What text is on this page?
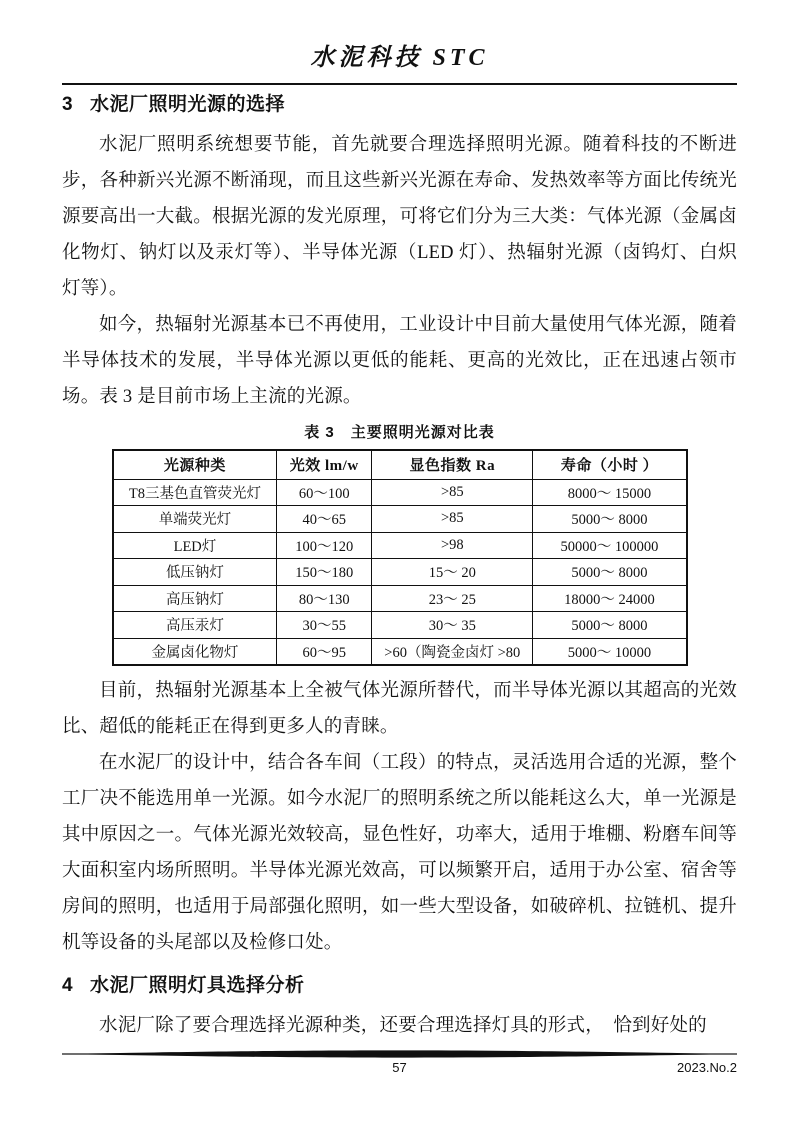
水泥科技 STC
3 水泥厂照明光源的选择

水泥厂照明系统想要节能，首先就要合理选择照明光源。随着科技的不断进步，各种新兴光源不断涌现，而且这些新兴光源在寿命、发热效率等方面比传统光源要高出一大截。根据光源的发光原理，可将它们分为三大类：气体光源（金属卤化物灯、钠灯以及汞灯等）、半导体光源（LED 灯）、热辐射光源（卤钨灯、白炽灯等）。

如今，热辐射光源基本已不再使用，工业设计中目前大量使用气体光源，随着半导体技术的发展，半导体光源以更低的能耗、更高的光效比，正在迅速占领市场。表 3 是目前市场上主流的光源。

表 3　主要照明光源对比表
光源种类	光效 lm/w	显色指数 Ra	寿命（小时 ）
T8三基色直管荧光灯	60～100	>85	8000～ 15000
单端荧光灯	40～65	>85	5000～ 8000
LED灯	100～120	>98	50000～ 100000
低压钠灯	150～180	15～ 20	5000～ 8000
高压钠灯	80～130	23～ 25	18000～ 24000
高压汞灯	30～55	30～ 35	5000～ 8000
金属卤化物灯	60～95	>60（陶瓷金卤灯 >80	5000～ 10000

目前，热辐射光源基本上全被气体光源所替代，而半导体光源以其超高的光效比、超低的能耗正在得到更多人的青睐。

在水泥厂的设计中，结合各车间（工段）的特点，灵活选用合适的光源，整个工厂决不能选用单一光源。如今水泥厂的照明系统之所以能耗这么大，单一光源是其中原因之一。气体光源光效较高，显色性好，功率大，适用于堆棚、粉磨车间等大面积室内场所照明。半导体光源光效高，可以频繁开启，适用于办公室、宿舍等房间的照明，也适用于局部强化照明，如一些大型设备，如破碎机、拉链机、提升机等设备的头尾部以及检修口处。

4 水泥厂照明灯具选择分析

水泥厂除了要合理选择光源种类，还要合理选择灯具的形式，　恰到好处的

57	2023.No.2
